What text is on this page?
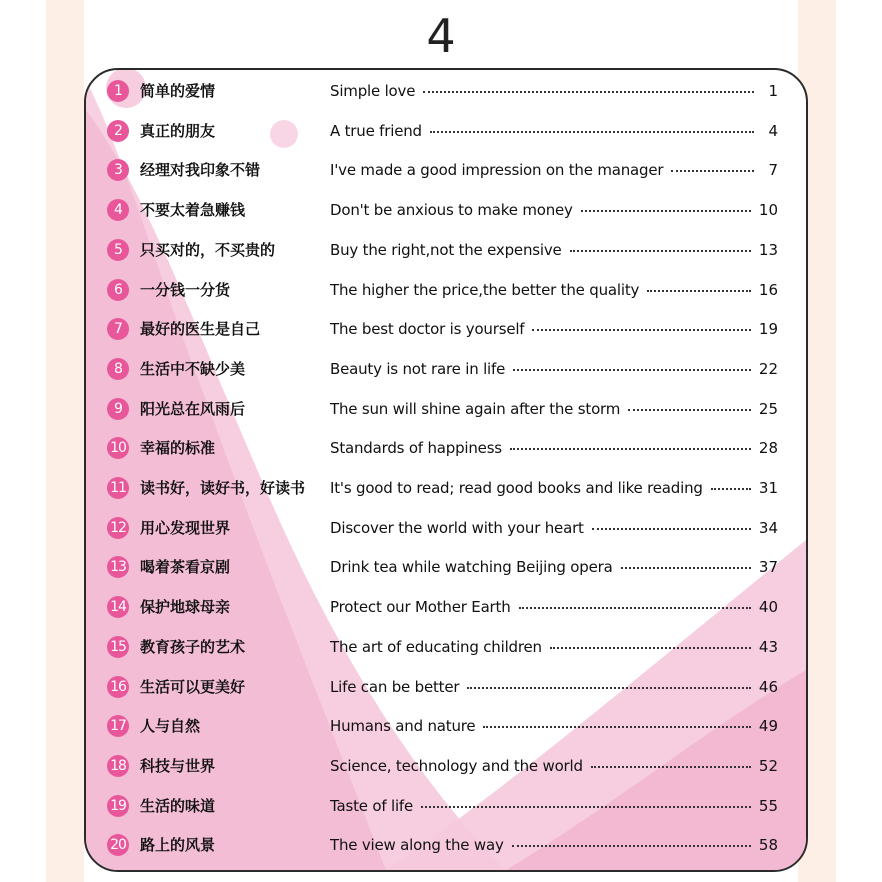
4
1	简单的爱情	Simple love	1
2	真正的朋友	A true friend	4
3	经理对我印象不错	I've made a good impression on the manager	7
4	不要太着急赚钱	Don't be anxious to make money	10
5	只买对的，不买贵的	Buy the right,not the expensive	13
6	一分钱一分货	The higher the price,the better the quality	16
7	最好的医生是自己	The best doctor is yourself	19
8	生活中不缺少美	Beauty is not rare in life	22
9	阳光总在风雨后	The sun will shine again after the storm	25
10 幸福的标准	Standards of happiness	28
11 读书好，读好书，好读书 It's good to read; read good books and like reading	31
12 用心发现世界	Discover the world with your heart	34
13 喝着茶看京剧	Drink tea while watching Beijing opera	37
14 保护地球母亲	Protect our Mother Earth	40
15 教育孩子的艺术	The art of educating children	43
16 生活可以更美好	Life can be better	46
17 人与自然	Humans and nature	49
18 科技与世界	Science, technology and the world	52
19 生活的味道	Taste of life	55
20 路上的风景	The view along the way	58
